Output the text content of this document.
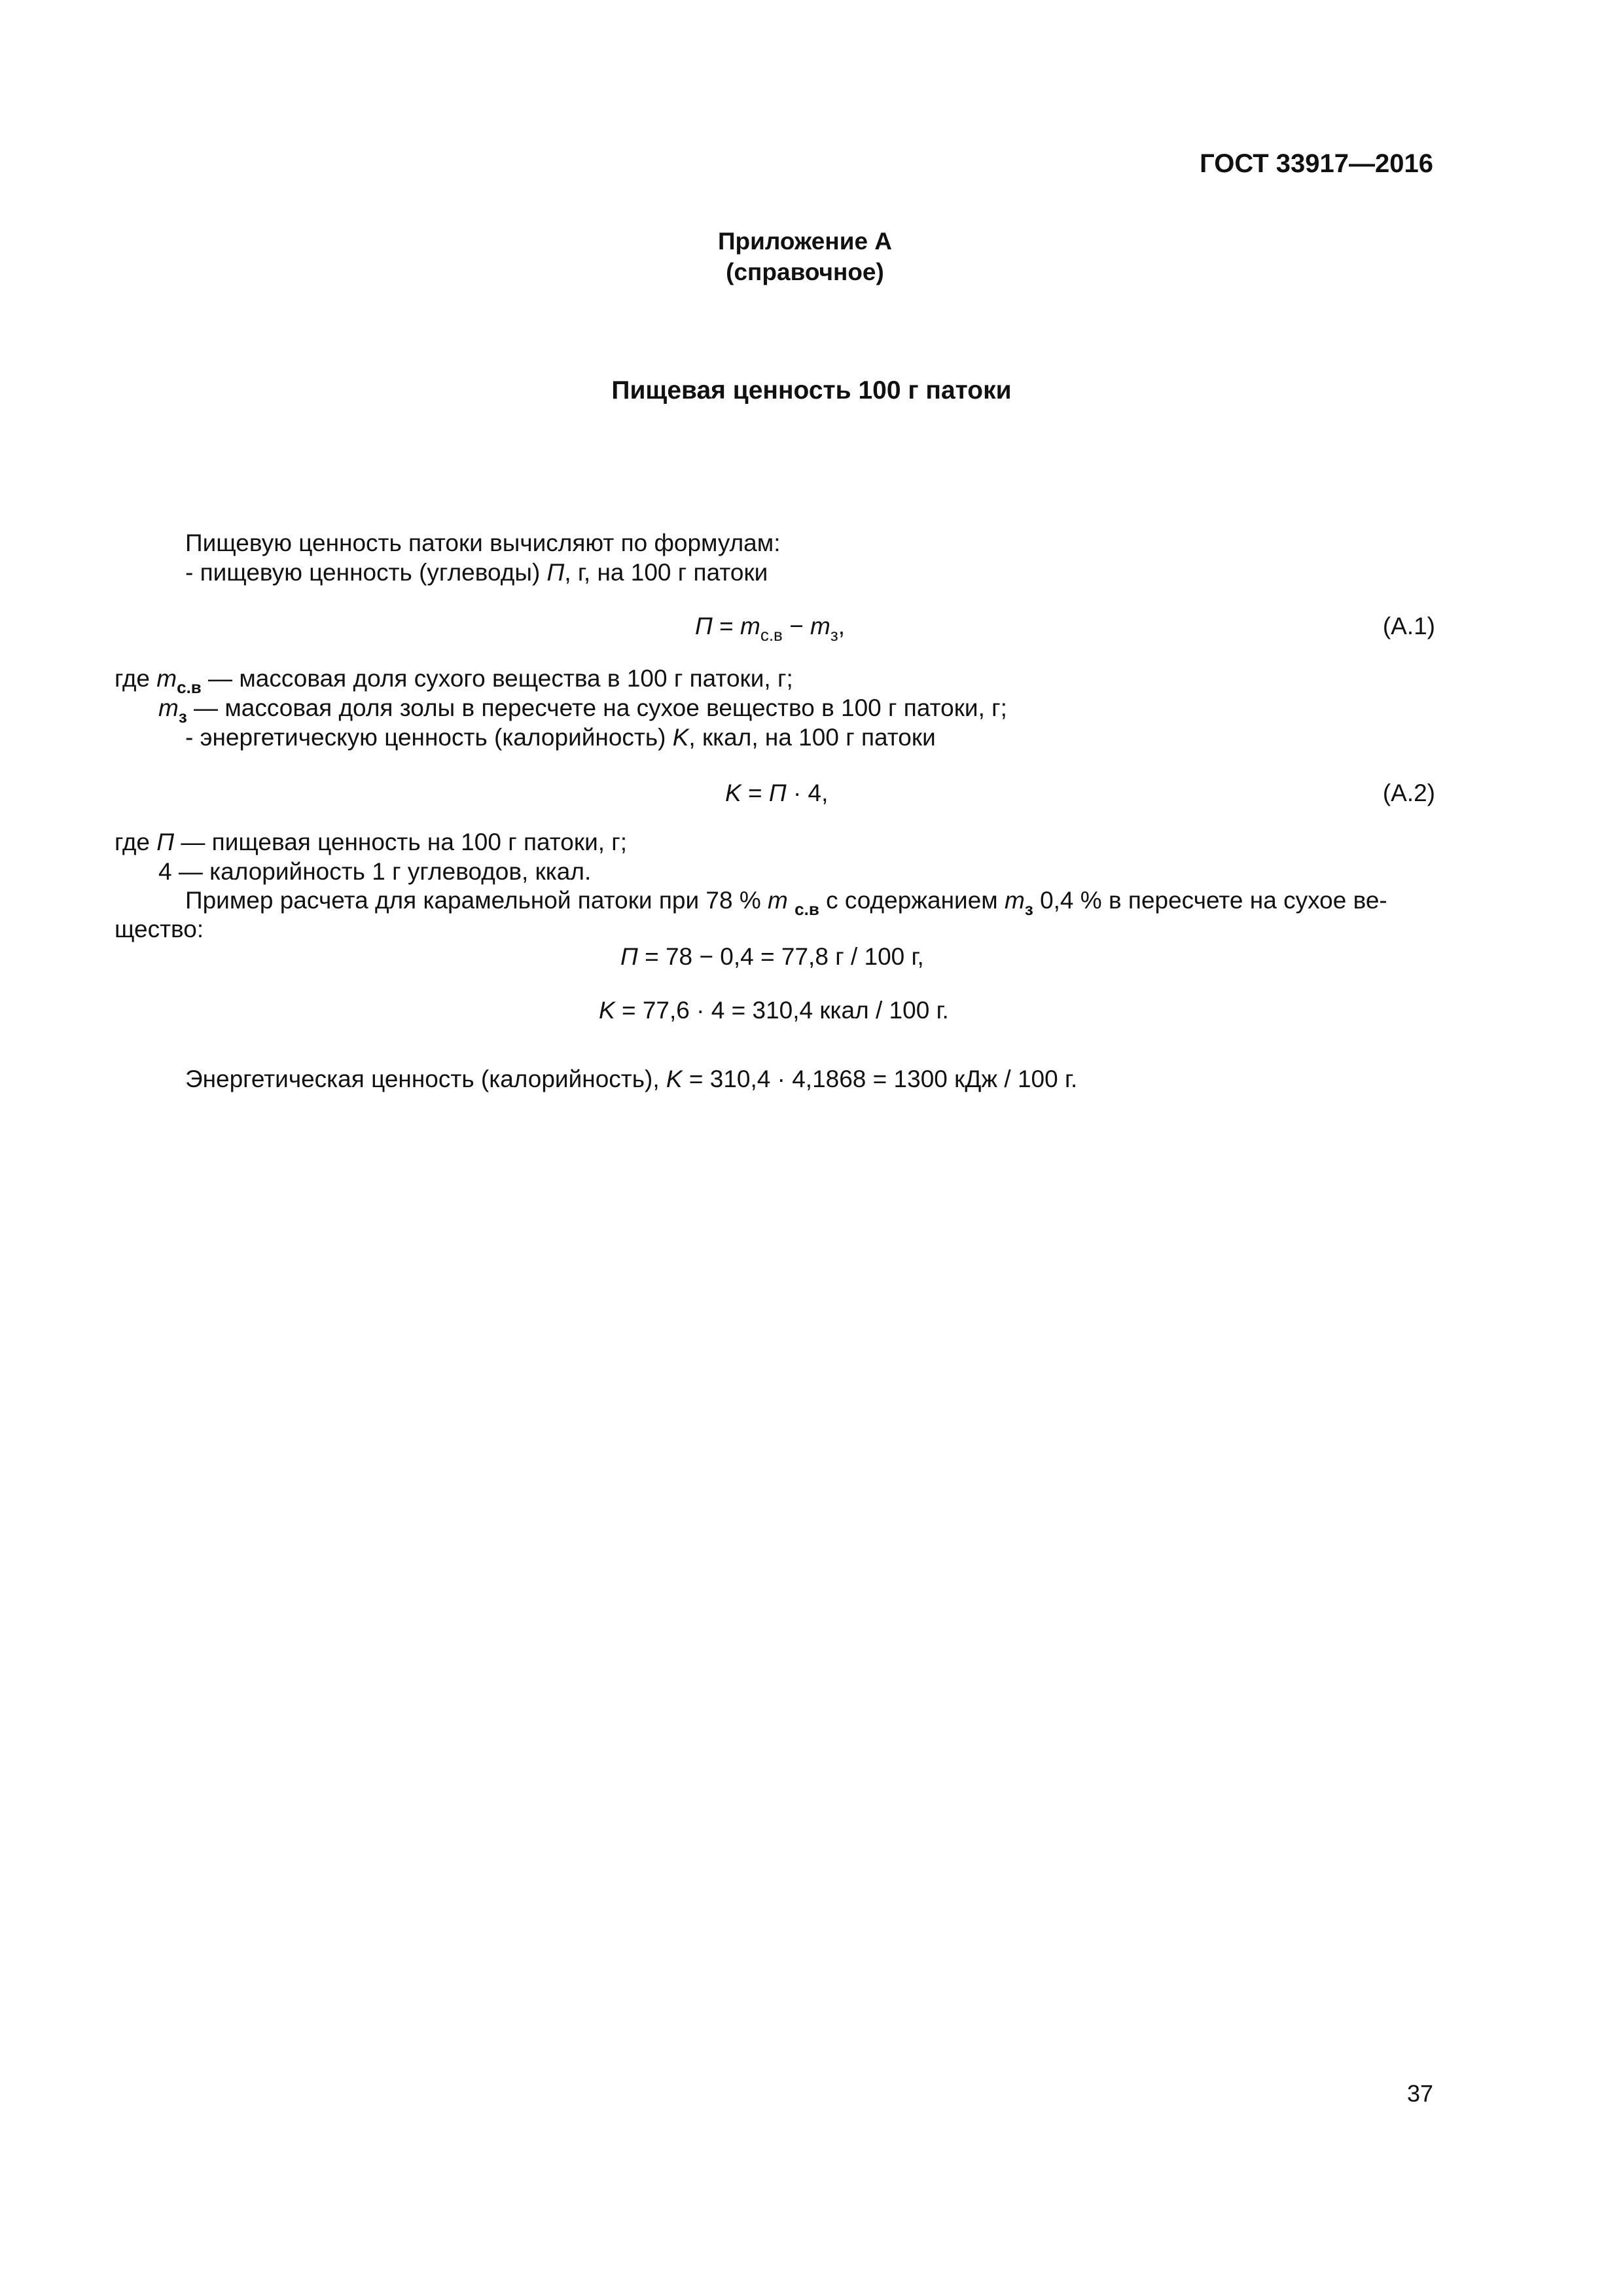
ГОСТ 33917—2016
Приложение А
(справочное)
Пищевая ценность 100 г патоки
Пищевую ценность патоки вычисляют по формулам:
- пищевую ценность (углеводы) П, г, на 100 г патоки
$П = m_{с.в} - m_з$,	(А.1)
где $m_{с.в}$ — массовая доля сухого вещества в 100 г патоки, г;
$m_з$ — массовая доля золы в пересчете на сухое вещество в 100 г патоки, г;
- энергетическую ценность (калорийность) K, ккал, на 100 г патоки
K = П · 4,	(А.2)
где П — пищевая ценность на 100 г патоки, г;
4 — калорийность 1 г углеводов, ккал.
Пример расчета для карамельной патоки при 78 % m $_{с.в}$ с содержанием $m_з$ 0,4 % в пересчете на сухое ве-
щество:
П = 78 − 0,4 = 77,8 г / 100 г,
K = 77,6 · 4 = 310,4 ккал / 100 г.
Энергетическая ценность (калорийность), K = 310,4 · 4,1868 = 1300 кДж / 100 г.
37
